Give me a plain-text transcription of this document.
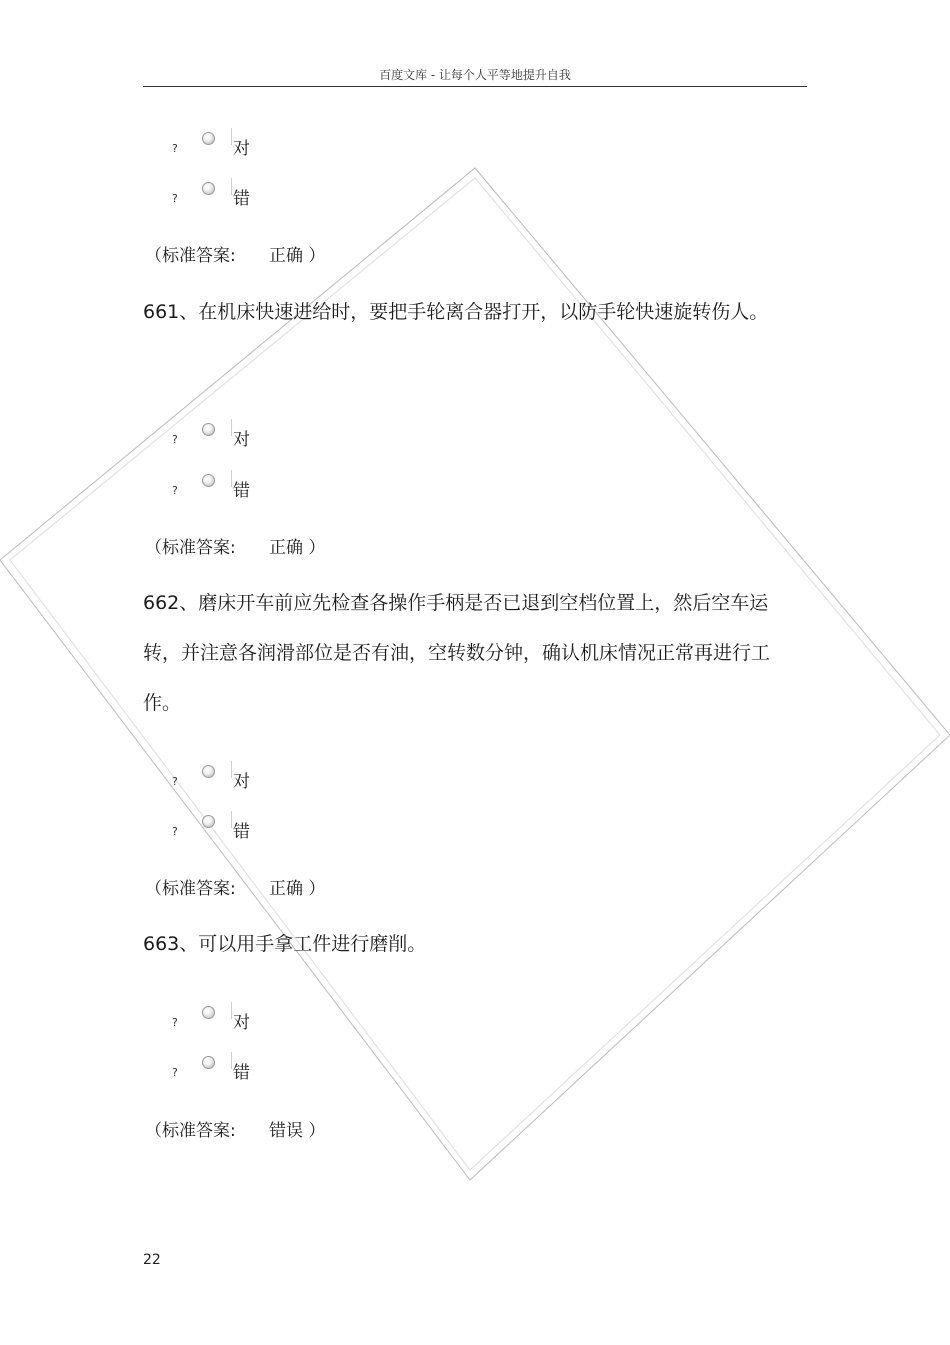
百度文库 - 让每个人平等地提升自我
?	对
?	错
（标准答案: 正确 ）
661、在机床快速进给时，要把手轮离合器打开，以防手轮快速旋转伤人。
?	对
?	错
（标准答案: 正确 ）
662、磨床开车前应先检查各操作手柄是否已退到空档位置上，然后空车运转，并注意各润滑部位是否有油，空转数分钟，确认机床情况正常再进行工作。
?	对
?	错
（标准答案: 正确 ）
663、可以用手拿工件进行磨削。
?	对
?	错
（标准答案: 错误 ）
22
